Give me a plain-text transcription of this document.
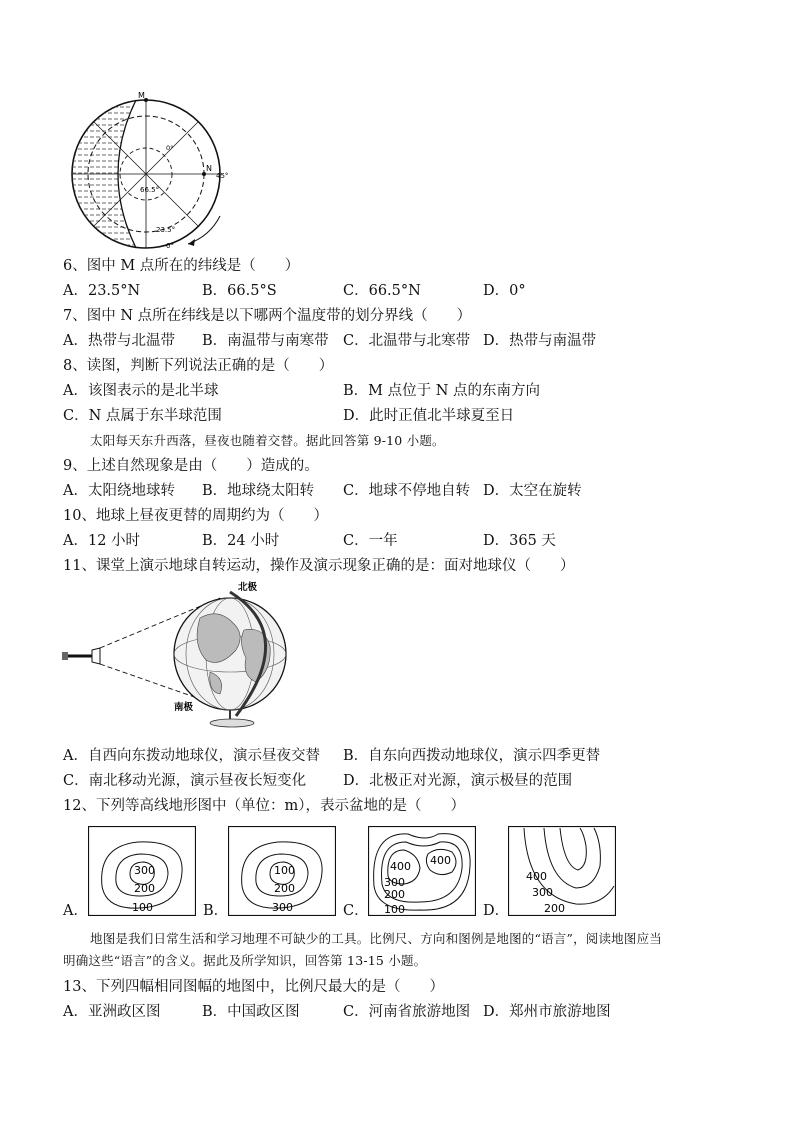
M
N
45°
0°
66.5°
23.5°
0°
6、图中 M 点所在的纬线是（　　）
A．23.5°N	B．66.5°S	C．66.5°N	D．0°
7、图中 N 点所在纬线是以下哪两个温度带的划分界线（　　）
A．热带与北温带 B．南温带与南寒带 C．北温带与北寒带 D．热带与南温带
8、读图，判断下列说法正确的是（　　）
A．该图表示的是北半球	B．M 点位于 N 点的东南方向
C．N 点属于东半球范围	D．此时正值北半球夏至日
太阳每天东升西落，昼夜也随着交替。据此回答第 9-10 小题。
9、上述自然现象是由（　　）造成的。
A．太阳绕地球转 B．地球绕太阳转 C．地球不停地自转 D．太空在旋转
10、地球上昼夜更替的周期约为（　　）
A．12 小时	B．24 小时	C．一年	D．365 天
11、课堂上演示地球自转运动，操作及演示现象正确的是：面对地球仪（　　）
北极
南极
A．自西向东拨动地球仪，演示昼夜交替 B．自东向西拨动地球仪，演示四季更替
C．南北移动光源，演示昼夜长短变化	D．北极正对光源，演示极昼的范围
12、下列等高线地形图中（单位：m），表示盆地的是（　　）
300
200
100
A．
100
200
300
B．
400 400
300
200
100
C．
400
300
200
D．
地图是我们日常生活和学习地理不可缺少的工具。比例尺、方向和图例是地图的“语言”，阅读地图应当
明确这些“语言”的含义。据此及所学知识，回答第 13-15 小题。
13、下列四幅相同图幅的地图中，比例尺最大的是（　　）
A．亚洲政区图	B．中国政区图	C．河南省旅游地图 D．郑州市旅游地图
